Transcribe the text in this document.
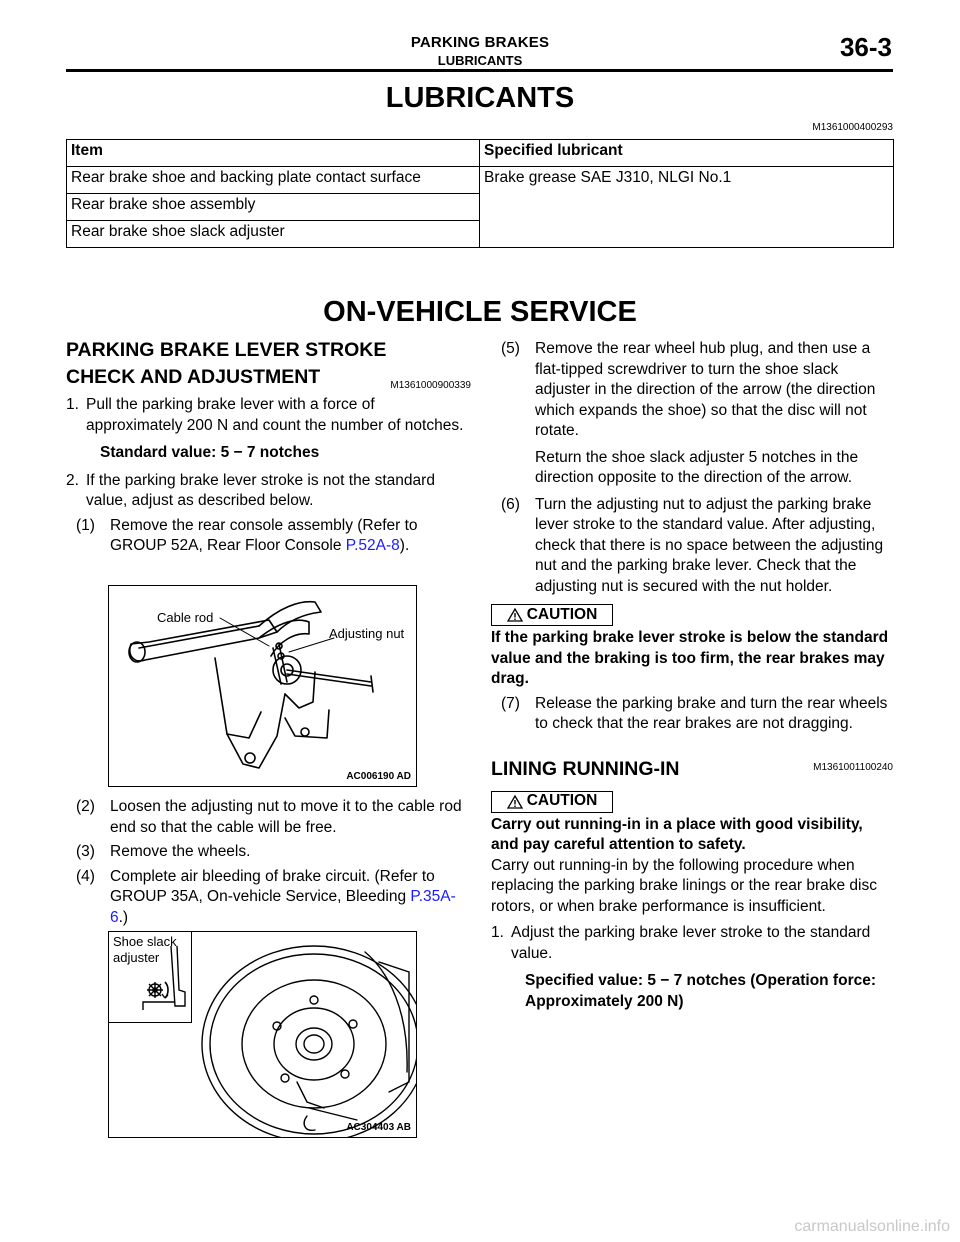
PARKING BRAKES
LUBRICANTS	36-3
LUBRICANTS
M1361000400293
Item	Specified lubricant
Rear brake shoe and backing plate contact surface	Brake grease SAE J310, NLGI No.1
Rear brake shoe assembly	
Rear brake shoe slack adjuster	
ON-VEHICLE SERVICE
PARKING BRAKE LEVER STROKE
CHECK AND ADJUSTMENT	M1361000900339
1. Pull the parking brake lever with a force of approximately 200 N and count the number of notches.
Standard value: 5 − 7 notches
2. If the parking brake lever stroke is not the standard value, adjust as described below.
(1) Remove the rear console assembly (Refer to GROUP 52A, Rear Floor Console P.52A-8).
Cable rod
Adjusting nut
AC006190 AD
(2) Loosen the adjusting nut to move it to the cable rod end so that the cable will be free.
(3) Remove the wheels.
(4) Complete air bleeding of brake circuit. (Refer to GROUP 35A, On-vehicle Service, Bleeding P.35A-6.)
Shoe slack
adjuster
AC304403 AB
(5) Remove the rear wheel hub plug, and then use a flat-tipped screwdriver to turn the shoe slack adjuster in the direction of the arrow (the direction which expands the shoe) so that the disc will not rotate.
Return the shoe slack adjuster 5 notches in the direction opposite to the direction of the arrow.
(6) Turn the adjusting nut to adjust the parking brake lever stroke to the standard value. After adjusting, check that there is no space between the adjusting nut and the parking brake lever. Check that the adjusting nut is secured with the nut holder.
CAUTION
If the parking brake lever stroke is below the standard value and the braking is too firm, the rear brakes may drag.
(7) Release the parking brake and turn the rear wheels to check that the rear brakes are not dragging.
LINING RUNNING-IN	M1361001100240
CAUTION
Carry out running-in in a place with good visibility, and pay careful attention to safety.
Carry out running-in by the following procedure when replacing the parking brake linings or the rear brake disc rotors, or when brake performance is insufficient.
1. Adjust the parking brake lever stroke to the standard value.
Specified value: 5 − 7 notches (Operation force: Approximately 200 N)
carmanualsonline.info
